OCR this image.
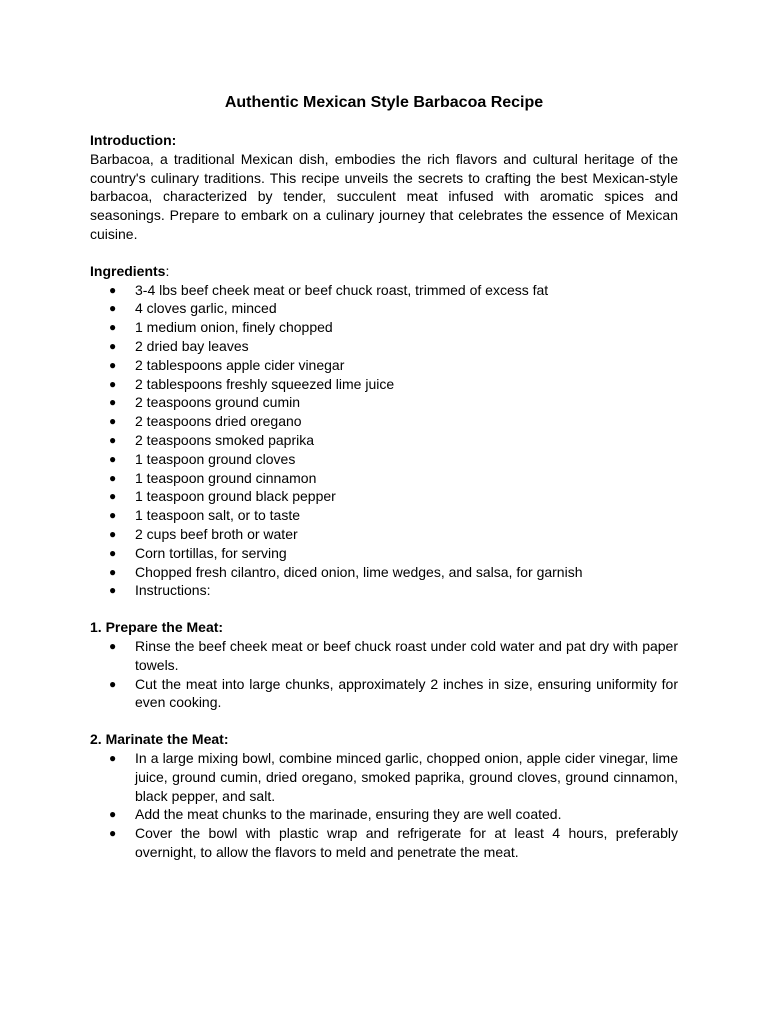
Authentic Mexican Style Barbacoa Recipe

Introduction:

Barbacoa, a traditional Mexican dish, embodies the rich flavors and cultural heritage of the country's culinary traditions. This recipe unveils the secrets to crafting the best Mexican-style barbacoa, characterized by tender, succulent meat infused with aromatic spices and seasonings. Prepare to embark on a culinary journey that celebrates the essence of Mexican cuisine.

Ingredients:

● 3-4 lbs beef cheek meat or beef chuck roast, trimmed of excess fat
● 4 cloves garlic, minced
● 1 medium onion, finely chopped
● 2 dried bay leaves
● 2 tablespoons apple cider vinegar
● 2 tablespoons freshly squeezed lime juice
● 2 teaspoons ground cumin
● 2 teaspoons dried oregano
● 2 teaspoons smoked paprika
● 1 teaspoon ground cloves
● 1 teaspoon ground cinnamon
● 1 teaspoon ground black pepper
● 1 teaspoon salt, or to taste
● 2 cups beef broth or water
● Corn tortillas, for serving
● Chopped fresh cilantro, diced onion, lime wedges, and salsa, for garnish
● Instructions:

1. Prepare the Meat:

● Rinse the beef cheek meat or beef chuck roast under cold water and pat dry with paper towels.
● Cut the meat into large chunks, approximately 2 inches in size, ensuring uniformity for even cooking.

2. Marinate the Meat:

● In a large mixing bowl, combine minced garlic, chopped onion, apple cider vinegar, lime juice, ground cumin, dried oregano, smoked paprika, ground cloves, ground cinnamon, black pepper, and salt.
● Add the meat chunks to the marinade, ensuring they are well coated.
● Cover the bowl with plastic wrap and refrigerate for at least 4 hours, preferably overnight, to allow the flavors to meld and penetrate the meat.
